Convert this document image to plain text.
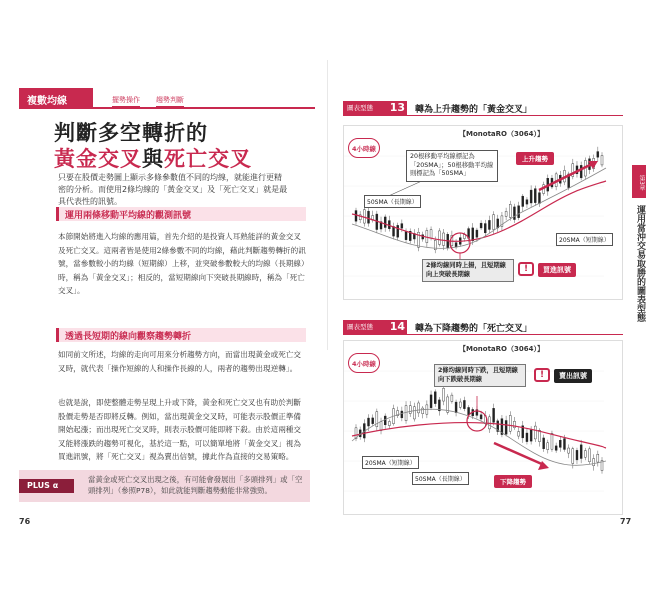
複數均線	擺勢操作 趨勢判斷
判斷多空轉折的
黃金交叉與死亡交叉
只要在股價走勢圖上顯示多條參數值不同的均線，就能進行更精密的分析。而使用2條均線的「黃金交叉」及「死亡交叉」就是最具代表性的訊號。
運用兩條移動平均線的觀測訊號
本節開始將進入均線的應用篇，首先介紹的是投資人耳熟能詳的黃金交叉及死亡交叉。這兩者皆是使用2條參數不同的均線，藉此判斷趨勢轉折的訊號，當參數較小的均線（短期線）上移，並突破參數較大的均線（長期線）時，稱為「黃金交叉」；相反的，當短期線向下突破長期線時，稱為「死亡交叉」。
透過長短期的線向觀察趨勢轉折
如同前文所述，均線的走向可用來分析趨勢方向，而當出現黃金或死亡交叉時，就代表「操作短線的人和操作長線的人，兩者的趨勢出現逆轉」。
也就是說，即使整體走勢呈現上升或下降，黃金和死亡交叉也有助於判斷股價走勢是否即將反轉。例如，當出現黃金交叉時，可能表示股價正準備開始起漲；而出現死亡交叉時，則表示股價可能即將下殺。由於這兩種交叉能將漲跌的趨勢可視化，基於這一點，可以簡單地將「黃金交叉」視為買進訊號，將「死亡交叉」視為賣出信號，據此作為直接的交易策略。
PLUS α
當黃金或死亡交叉出現之後，有可能會發展出「多頭排列」或「空頭排列」（參照P78），如此就能判斷趨勢動能非常強勁。
76
第3章
運用當沖交易取勝的圖表型態
圖表型態 13 轉為上升趨勢的「黃金交叉」
【MonotaRO（3064）】
4小時線
20根移動平均線標記為「20SMA」；50根移動平均線則標記為「50SMA」
上升趨勢
50SMA（長期線）
20SMA（短期線）
2條均線同時上揚，且短期線向上突破長期線
!	買進訊號
圖表型態 14 轉為下降趨勢的「死亡交叉」
【MonotaRO（3064）】
4小時線
2條均線同時下跌，且短期線向下跌破長期線	!	賣出訊號
20SMA（短期線）
50SMA（長期線）	下降趨勢
77
